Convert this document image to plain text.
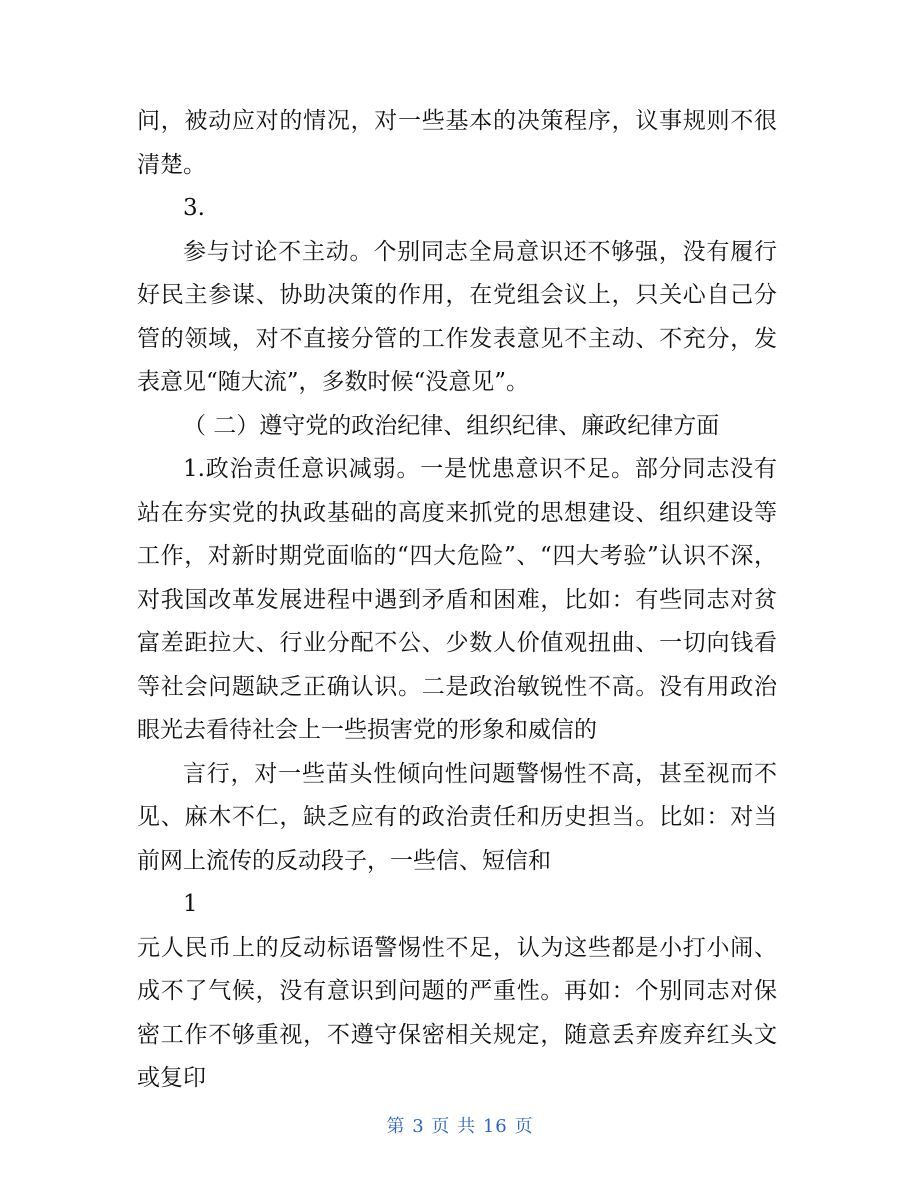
问，被动应对的情况，对一些基本的决策程序，议事规则不很清楚。

3.

参与讨论不主动。个别同志全局意识还不够强，没有履行好民主参谋、协助决策的作用，在党组会议上，只关心自己分管的领域，对不直接分管的工作发表意见不主动、不充分，发表意见“随大流”，多数时候“没意见”。

（ 二）遵守党的政治纪律、组织纪律、廉政纪律方面

1.政治责任意识减弱。一是忧患意识不足。部分同志没有站在夯实党的执政基础的高度来抓党的思想建设、组织建设等工作，对新时期党面临的“四大危险”、“四大考验”认识不深，对我国改革发展进程中遇到矛盾和困难，比如：有些同志对贫富差距拉大、行业分配不公、少数人价值观扭曲、一切向钱看等社会问题缺乏正确认识。二是政治敏锐性不高。没有用政治眼光去看待社会上一些损害党的形象和威信的

言行，对一些苗头性倾向性问题警惕性不高，甚至视而不见、麻木不仁，缺乏应有的政治责任和历史担当。比如：对当前网上流传的反动段子，一些信、短信和

1

元人民币上的反动标语警惕性不足，认为这些都是小打小闹、成不了气候，没有意识到问题的严重性。再如：个别同志对保密工作不够重视，不遵守保密相关规定，随意丢弃废弃红头文或复印

第 3 页 共 16 页
